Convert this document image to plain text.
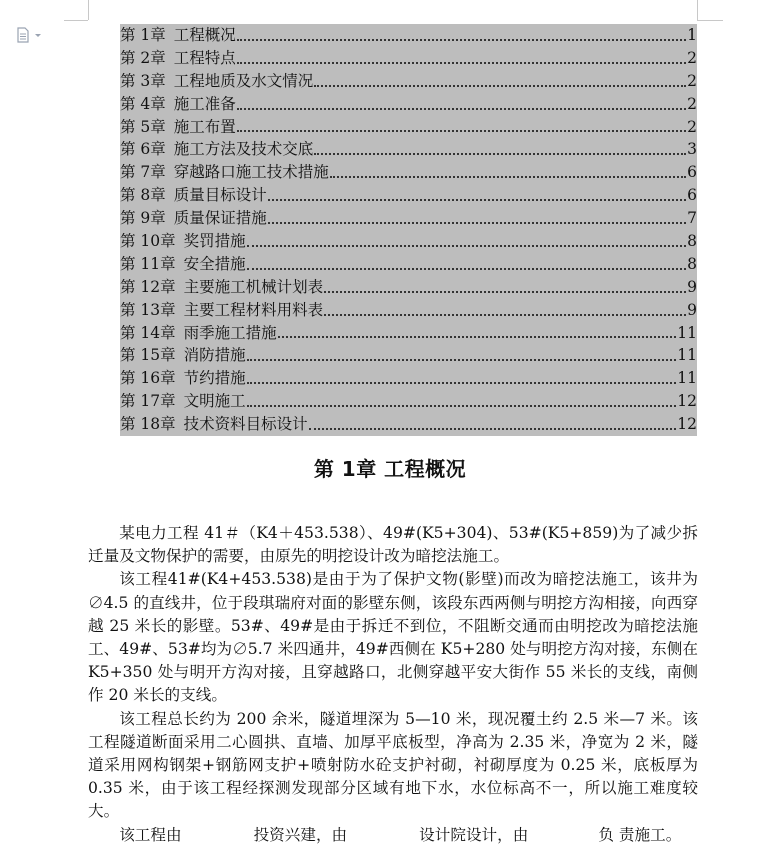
第 1章 工程概况	1
第 2章 工程特点	2
第 3章 工程地质及水文情况	2
第 4章 施工准备	2
第 5章 施工布置	2
第 6章 施工方法及技术交底	3
第 7章 穿越路口施工技术措施	6
第 8章 质量目标设计	6
第 9章 质量保证措施	7
第 10章 奖罚措施	8
第 11章 安全措施	8
第 12章 主要施工机械计划表	9
第 13章 主要工程材料用料表	9
第 14章 雨季施工措施	11
第 15章 消防措施	11
第 16章 节约措施	11
第 17章 文明施工	12
第 18章 技术资料目标设计	12
第 1章 工程概况

某电力工程 41＃（K4＋453.538）、49#(K5+304)、53#(K5+859)为了减少拆迁量及文物保护的需要，由原先的明挖设计改为暗挖法施工。

该工程41#(K4+453.538)是由于为了保护文物(影壁)而改为暗挖法施工，该井为∅4.5 的直线井，位于段琪瑞府对面的影壁东侧，该段东西两侧与明挖方沟相接，向西穿越 25 米长的影壁。53#、49#是由于拆迁不到位，不阻断交通而由明挖改为暗挖法施工、49#、53#均为∅5.7 米四通井，49#西侧在 K5+280 处与明挖方沟对接，东侧在 K5+350 处与明开方沟对接，且穿越路口，北侧穿越平安大街作 55 米长的支线，南侧作 20 米长的支线。

该工程总长约为 200 余米，隧道埋深为 5—10 米，现况覆土约 2.5 米—7 米。该工程隧道断面采用二心圆拱、直墙、加厚平底板型，净高为 2.35 米，净宽为 2 米，隧道采用网构钢架+钢筋网支护+喷射防水砼支护衬砌，衬砌厚度为 0.25 米，底板厚为 0.35 米，由于该工程经探测发现部分区域有地下水，水位标高不一，所以施工难度较大。

该工程由	投资兴建，由	设计院设计，由	负 责施工。
